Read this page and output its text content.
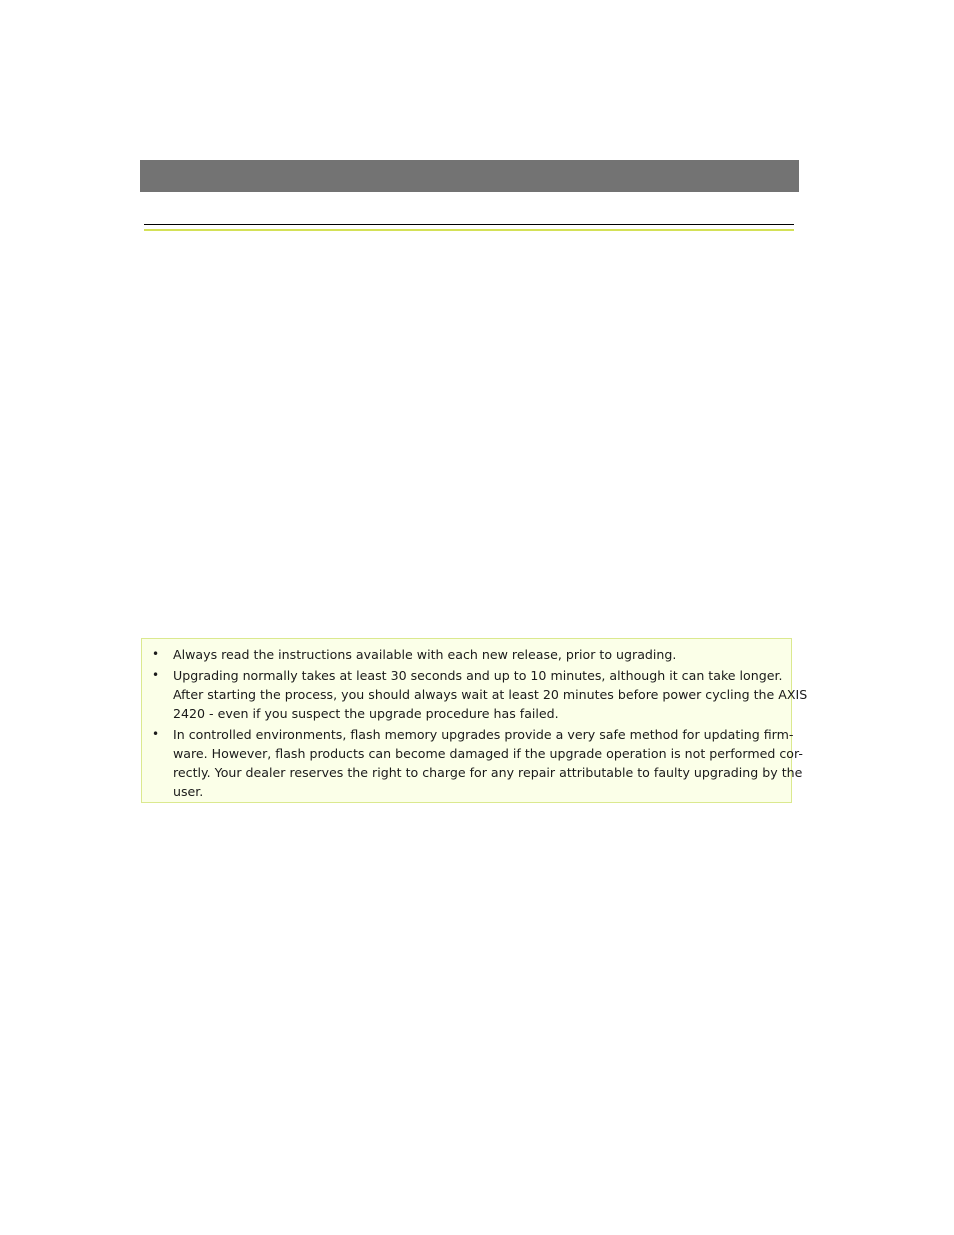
• Always read the instructions available with each new release, prior to ugrading.
• Upgrading normally takes at least 30 seconds and up to 10 minutes, although it can take longer.
After starting the process, you should always wait at least 20 minutes before power cycling the AXIS
2420 - even if you suspect the upgrade procedure has failed.
• In controlled environments, flash memory upgrades provide a very safe method for updating firm-
ware. However, flash products can become damaged if the upgrade operation is not performed cor-
rectly. Your dealer reserves the right to charge for any repair attributable to faulty upgrading by the
user.
